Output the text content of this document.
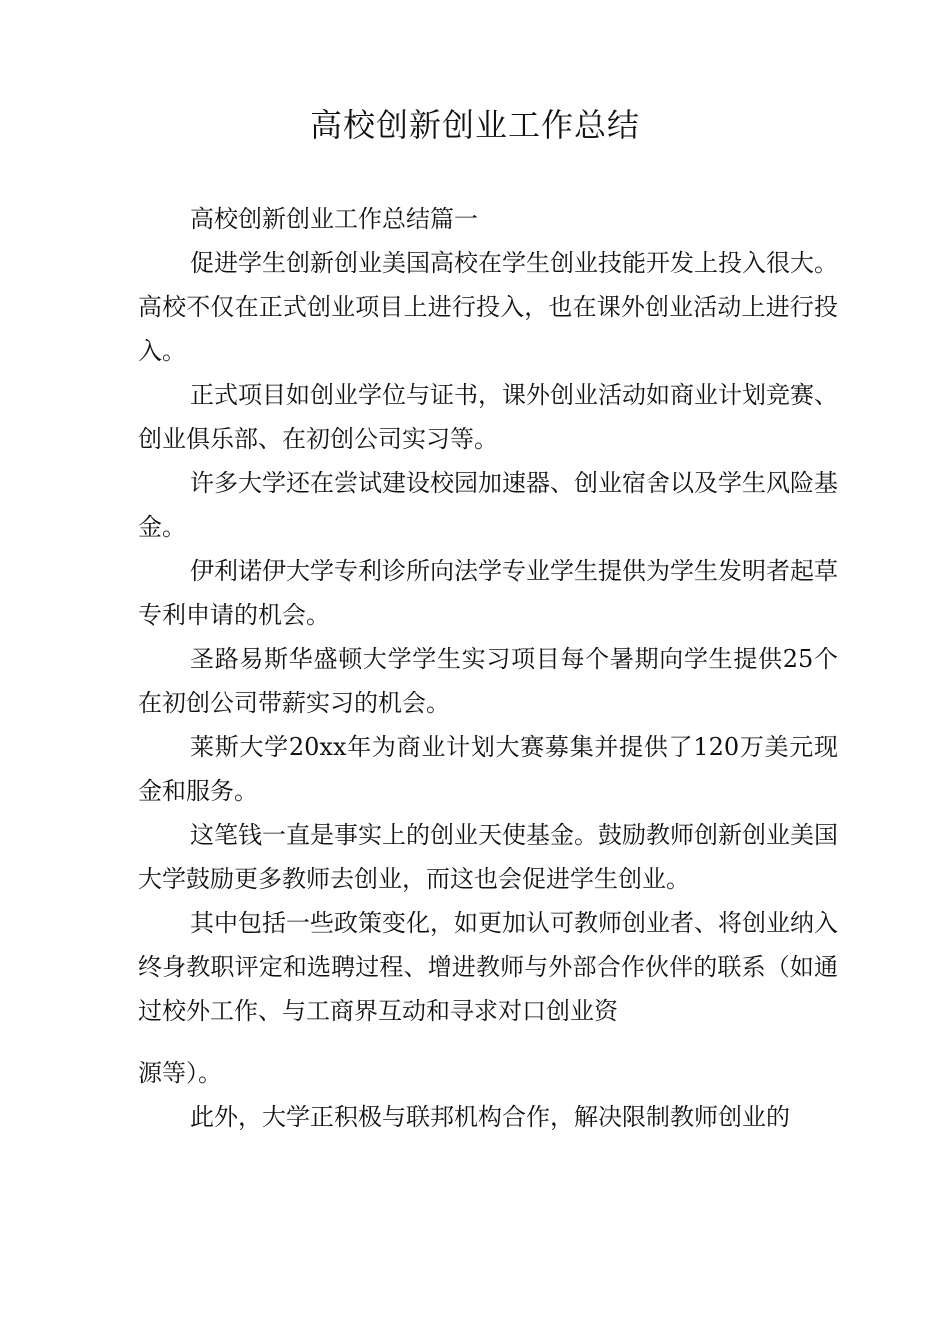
高校创新创业工作总结

高校创新创业工作总结篇一

促进学生创新创业美国高校在学生创业技能开发上投入很大。高校不仅在正式创业项目上进行投入，也在课外创业活动上进行投入。

正式项目如创业学位与证书，课外创业活动如商业计划竞赛、创业俱乐部、在初创公司实习等。

许多大学还在尝试建设校园加速器、创业宿舍以及学生风险基金。

伊利诺伊大学专利诊所向法学专业学生提供为学生发明者起草专利申请的机会。

圣路易斯华盛顿大学学生实习项目每个暑期向学生提供25个在初创公司带薪实习的机会。

莱斯大学20xx年为商业计划大赛募集并提供了120万美元现金和服务。

这笔钱一直是事实上的创业天使基金。鼓励教师创新创业美国大学鼓励更多教师去创业，而这也会促进学生创业。

其中包括一些政策变化，如更加认可教师创业者、将创业纳入终身教职评定和选聘过程、增进教师与外部合作伙伴的联系（如通过校外工作、与工商界互动和寻求对口创业资

源等）。

此外，大学正积极与联邦机构合作，解决限制教师创业的
